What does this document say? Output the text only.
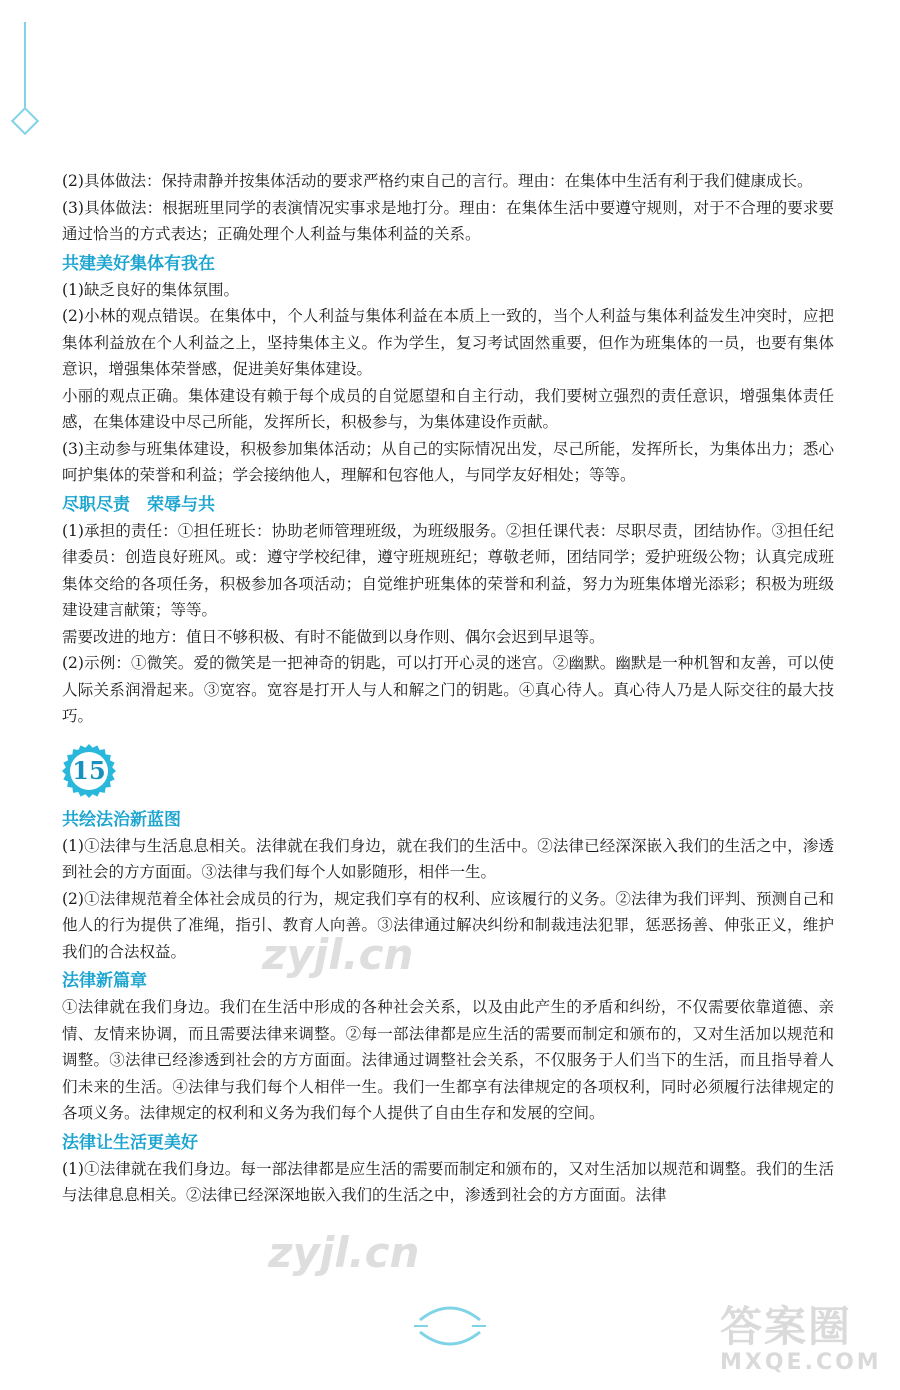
(2)具体做法：保持肃静并按集体活动的要求严格约束自己的言行。理由：在集体中生活有利于我们健康成长。

(3)具体做法：根据班里同学的表演情况实事求是地打分。理由：在集体生活中要遵守规则，对于不合理的要求要通过恰当的方式表达；正确处理个人利益与集体利益的关系。

共建美好集体有我在

(1)缺乏良好的集体氛围。

(2)小林的观点错误。在集体中，个人利益与集体利益在本质上一致的，当个人利益与集体利益发生冲突时，应把集体利益放在个人利益之上，坚持集体主义。作为学生，复习考试固然重要，但作为班集体的一员，也要有集体意识，增强集体荣誉感，促进美好集体建设。

小丽的观点正确。集体建设有赖于每个成员的自觉愿望和自主行动，我们要树立强烈的责任意识，增强集体责任感，在集体建设中尽己所能，发挥所长，积极参与，为集体建设作贡献。

(3)主动参与班集体建设，积极参加集体活动；从自己的实际情况出发，尽己所能，发挥所长，为集体出力；悉心呵护集体的荣誉和利益；学会接纳他人，理解和包容他人，与同学友好相处；等等。

尽职尽责　荣辱与共

(1)承担的责任：①担任班长：协助老师管理班级，为班级服务。②担任课代表：尽职尽责，团结协作。③担任纪律委员：创造良好班风。或：遵守学校纪律，遵守班规班纪；尊敬老师，团结同学；爱护班级公物；认真完成班集体交给的各项任务，积极参加各项活动；自觉维护班集体的荣誉和利益，努力为班集体增光添彩；积极为班级建设建言献策；等等。

需要改进的地方：值日不够积极、有时不能做到以身作则、偶尔会迟到早退等。

(2)示例：①微笑。爱的微笑是一把神奇的钥匙，可以打开心灵的迷宫。②幽默。幽默是一种机智和友善，可以使人际关系润滑起来。③宽容。宽容是打开人与人和解之门的钥匙。④真心待人。真心待人乃是人际交往的最大技巧。

15
共绘法治新蓝图

(1)①法律与生活息息相关。法律就在我们身边，就在我们的生活中。②法律已经深深嵌入我们的生活之中，渗透到社会的方方面面。③法律与我们每个人如影随形，相伴一生。

(2)①法律规范着全体社会成员的行为，规定我们享有的权利、应该履行的义务。②法律为我们评判、预测自己和他人的行为提供了准绳，指引、教育人向善。③法律通过解决纠纷和制裁违法犯罪，惩恶扬善、伸张正义，维护我们的合法权益。

法律新篇章

①法律就在我们身边。我们在生活中形成的各种社会关系，以及由此产生的矛盾和纠纷，不仅需要依靠道德、亲情、友情来协调，而且需要法律来调整。②每一部法律都是应生活的需要而制定和颁布的，又对生活加以规范和调整。③法律已经渗透到社会的方方面面。法律通过调整社会关系，不仅服务于人们当下的生活，而且指导着人们未来的生活。④法律与我们每个人相伴一生。我们一生都享有法律规定的各项权利，同时必须履行法律规定的各项义务。法律规定的权利和义务为我们每个人提供了自由生存和发展的空间。

法律让生活更美好

(1)①法律就在我们身边。每一部法律都是应生活的需要而制定和颁布的，又对生活加以规范和调整。我们的生活与法律息息相关。②法律已经深深地嵌入我们的生活之中，渗透到社会的方方面面。法律

zyjl.cn
zyjl.cn
答案圈
MXQE.COM
